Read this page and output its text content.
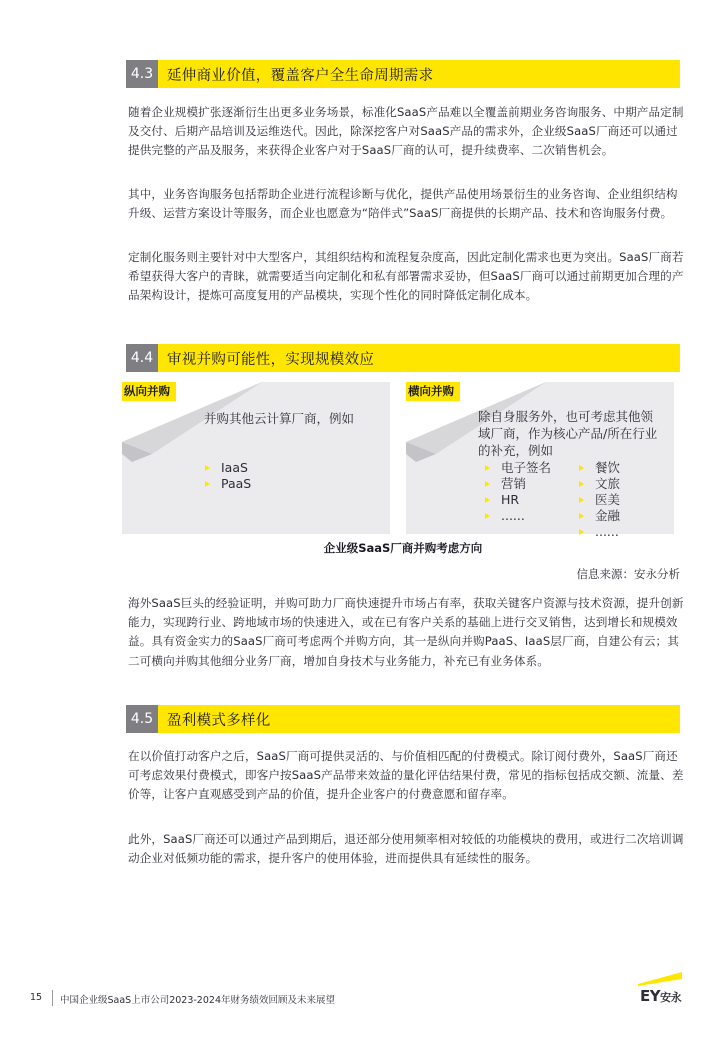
4.3 延伸商业价值，覆盖客户全生命周期需求

随着企业规模扩张逐渐衍生出更多业务场景，标准化SaaS产品难以全覆盖前期业务咨询服务、中期产品定制及交付、后期产品培训及运维迭代。因此，除深挖客户对SaaS产品的需求外，企业级SaaS厂商还可以通过提供完整的产品及服务，来获得企业客户对于SaaS厂商的认可，提升续费率、二次销售机会。

其中，业务咨询服务包括帮助企业进行流程诊断与优化，提供产品使用场景衍生的业务咨询、企业组织结构升级、运营方案设计等服务，而企业也愿意为“陪伴式”SaaS厂商提供的长期产品、技术和咨询服务付费。

定制化服务则主要针对中大型客户，其组织结构和流程复杂度高，因此定制化需求也更为突出。SaaS厂商若希望获得大客户的青睐，就需要适当向定制化和私有部署需求妥协，但SaaS厂商可以通过前期更加合理的产品架构设计，提炼可高度复用的产品模块，实现个性化的同时降低定制化成本。

4.4 审视并购可能性，实现规模效应
纵向并购
并购其他云计算厂商，例如
IaaS
PaaS
横向并购
除自身服务外，也可考虑其他领域厂商，作为核心产品/所在行业的补充，例如
电子签名
营销
HR
......
餐饮
文旅
医美
金融
......
企业级SaaS厂商并购考虑方向
信息来源：安永分析

海外SaaS巨头的经验证明，并购可助力厂商快速提升市场占有率，获取关键客户资源与技术资源，提升创新能力，实现跨行业、跨地域市场的快速进入，或在已有客户关系的基础上进行交叉销售，达到增长和规模效益。具有资金实力的SaaS厂商可考虑两个并购方向，其一是纵向并购PaaS、IaaS层厂商，自建公有云；其二可横向并购其他细分业务厂商，增加自身技术与业务能力，补充已有业务体系。

4.5 盈利模式多样化

在以价值打动客户之后，SaaS厂商可提供灵活的、与价值相匹配的付费模式。除订阅付费外，SaaS厂商还可考虑效果付费模式，即客户按SaaS产品带来效益的量化评估结果付费，常见的指标包括成交额、流量、差价等，让客户直观感受到产品的价值，提升企业客户的付费意愿和留存率。

此外，SaaS厂商还可以通过产品到期后，退还部分使用频率相对较低的功能模块的费用，或进行二次培训调动企业对低频功能的需求，提升客户的使用体验，进而提供具有延续性的服务。

15 中国企业级SaaS上市公司2023-2024年财务绩效回顾及未来展望	EY安永
